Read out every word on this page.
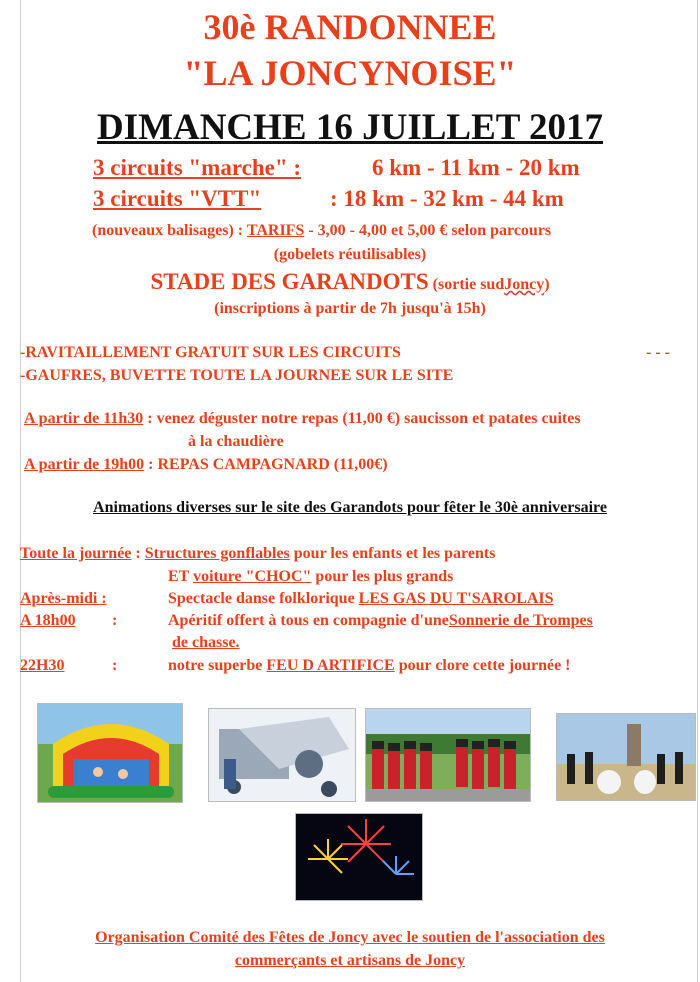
30è RANDONNEE
"LA JONCYNOISE"
DIMANCHE 16 JUILLET 2017
3 circuits "marche" :	6 km - 11 km - 20 km
3 circuits "VTT"	: 18 km - 32 km - 44 km
(nouveaux balisages) : TARIFS - 3,00 - 4,00 et 5,00 € selon parcours
(gobelets réutilisables)
STADE DES GARANDOTS (sortie sudJoncy)
(inscriptions à partir de 7h jusqu'à 15h)
-RAVITAILLEMENT GRATUIT SUR LES CIRCUITS	- - -
-GAUFRES, BUVETTE TOUTE LA JOURNEE SUR LE SITE
A partir de 11h30 : venez déguster notre repas (11,00 €) saucisson et patates cuites
à la chaudière
A partir de 19h00 : REPAS CAMPAGNARD (11,00€)
Animations diverses sur le site des Garandots pour fêter le 30è anniversaire
Toute la journée : Structures gonflables pour les enfants et les parents
ET voiture "CHOC" pour les plus grands
Après-midi :	Spectacle danse folklorique LES GAS DU T'SAROLAIS
A 18h00 :	Apéritif offert à tous en compagnie d'uneSonnerie de Trompes
de chasse.
22H30	:	notre superbe FEU D ARTIFICE pour clore cette journée !
Organisation Comité des Fêtes de Joncy avec le soutien de l'association des
commerçants et artisans de Joncy
